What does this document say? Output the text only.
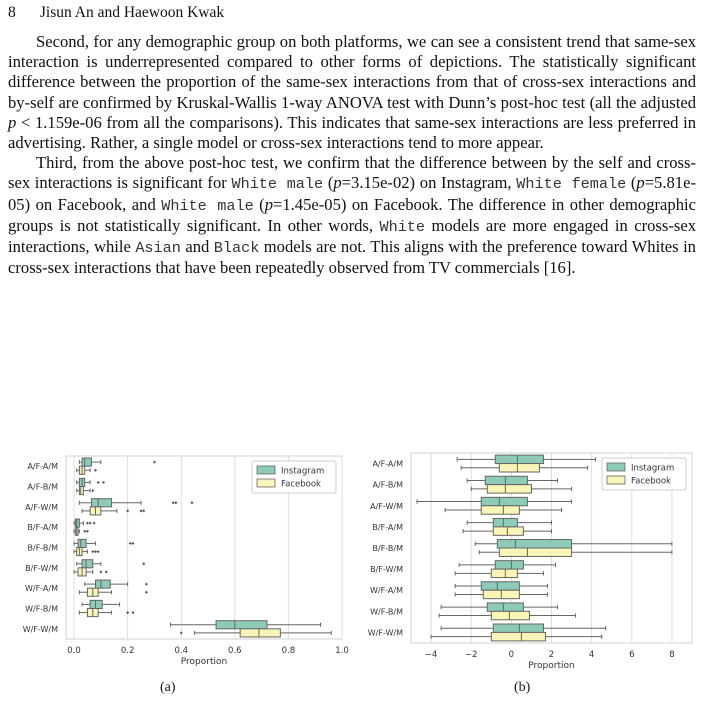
8 Jisun An and Haewoon Kwak

Second, for any demographic group on both platforms, we can see a consistent trend that same-sex interaction is underrepresented compared to other forms of depictions. The statistically significant difference between the proportion of the same-sex interactions from that of cross-sex interactions and by-self are confirmed by Kruskal-Wallis 1-way ANOVA test with Dunn’s post-hoc test (all the adjusted p < 1.159e-06 from all the comparisons). This indicates that same-sex interactions are less preferred in advertising. Rather, a single model or cross-sex interactions tend to more appear.

Third, from the above post-hoc test, we confirm that the difference between by the self and cross-sex interactions is significant for White male (p=3.15e-02) on Instagram, White female (p=5.81e-05) on Facebook, and White male (p=1.45e-05) on Facebook. The difference in other demographic groups is not statistically significant. In other words, White models are more engaged in cross-sex interactions, while Asian and Black models are not. This aligns with the preference toward Whites in cross-sex interactions that have been repeatedly observed from TV commercials [16].

0.0	0.2	0.4	0.6	0.8	1.0
Proportion
A/F-A/M
A/F-B/M
A/F-W/M
B/F-A/M
B/F-B/M
B/F-W/M
W/F-A/M
W/F-B/M
W/F-W/M
Instagram
Facebook
−4	−2	0	2	4	6	8
Proportion
A/F-A/M
A/F-B/M
A/F-W/M
B/F-A/M
B/F-B/M
B/F-W/M
W/F-A/M
W/F-B/M
W/F-W/M
Instagram
Facebook
(a)	(b)
